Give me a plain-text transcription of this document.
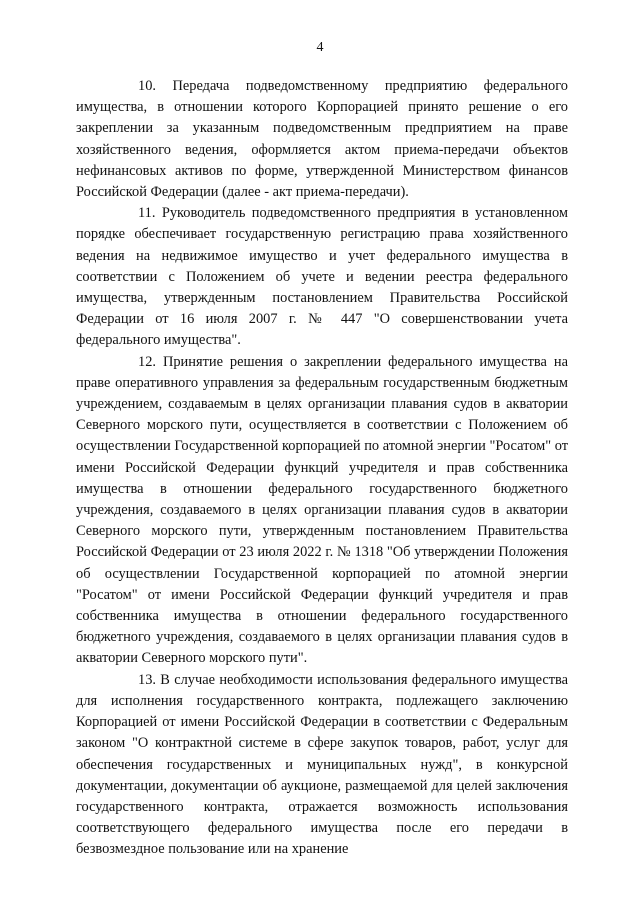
4

10. Передача подведомственному предприятию федерального имущества, в отношении которого Корпорацией принято решение о его закреплении за указанным подведомственным предприятием на праве хозяйственного ведения, оформляется актом приема-передачи объектов нефинансовых активов по форме, утвержденной Министерством финансов Российской Федерации (далее - акт приема-передачи).

11. Руководитель подведомственного предприятия в установленном порядке обеспечивает государственную регистрацию права хозяйственного ведения на недвижимое имущество и учет федерального имущества в соответствии с Положением об учете и ведении реестра федерального имущества, утвержденным постановлением Правительства Российской Федерации от 16 июля 2007 г. № 447 "О совершенствовании учета федерального имущества".

12. Принятие решения о закреплении федерального имущества на праве оперативного управления за федеральным государственным бюджетным учреждением, создаваемым в целях организации плавания судов в акватории Северного морского пути, осуществляется в соответствии с Положением об осуществлении Государственной корпорацией по атомной энергии "Росатом" от имени Российской Федерации функций учредителя и прав собственника имущества в отношении федерального государственного бюджетного учреждения, создаваемого в целях организации плавания судов в акватории Северного морского пути, утвержденным постановлением Правительства Российской Федерации от 23 июля 2022 г. № 1318 "Об утверждении Положения об осуществлении Государственной корпорацией по атомной энергии "Росатом" от имени Российской Федерации функций учредителя и прав собственника имущества в отношении федерального государственного бюджетного учреждения, создаваемого в целях организации плавания судов в акватории Северного морского пути".

13. В случае необходимости использования федерального имущества для исполнения государственного контракта, подлежащего заключению Корпорацией от имени Российской Федерации в соответствии с Федеральным законом "О контрактной системе в сфере закупок товаров, работ, услуг для обеспечения государственных и муниципальных нужд", в конкурсной документации, документации об аукционе, размещаемой для целей заключения государственного контракта, отражается возможность использования соответствующего федерального имущества после его передачи в безвозмездное пользование или на хранение
